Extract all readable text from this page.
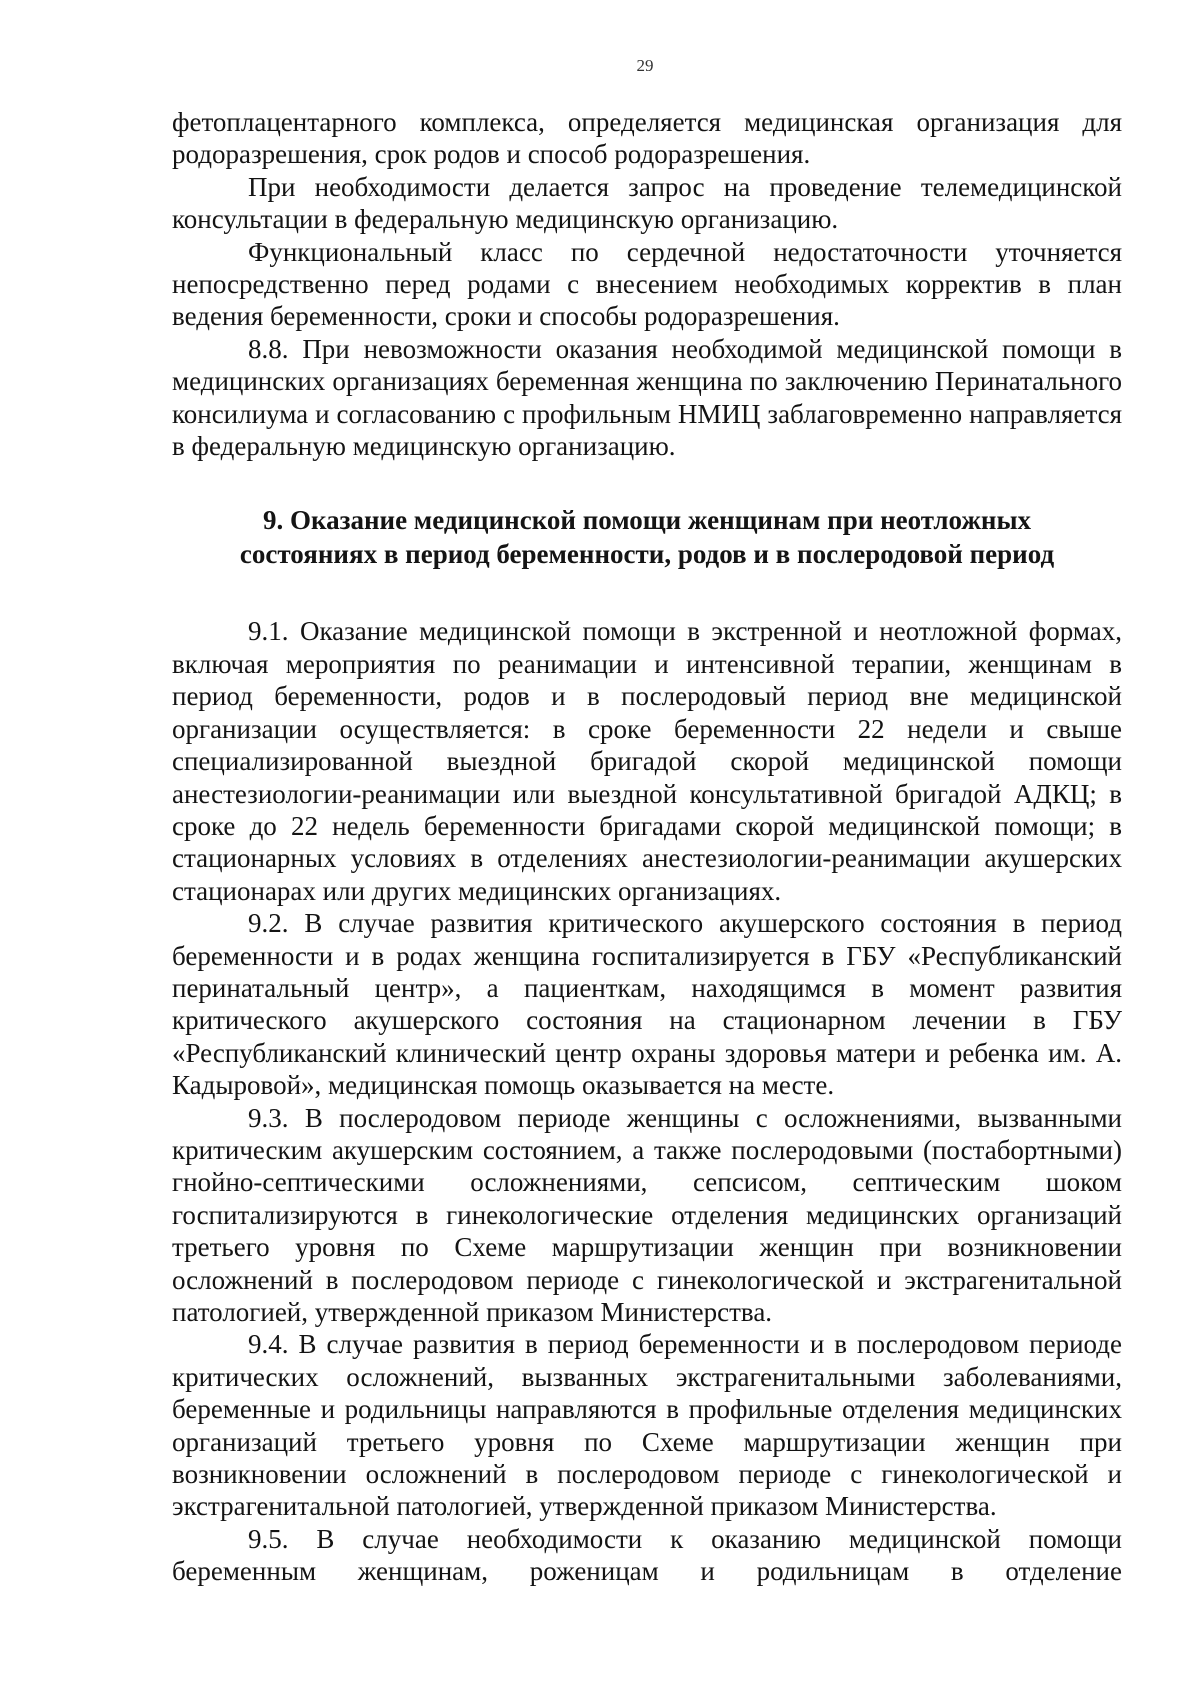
29

фетоплацентарного комплекса, определяется медицинская организация для родоразрешения, срок родов и способ родоразрешения.

При необходимости делается запрос на проведение телемедицинской консультации в федеральную медицинскую организацию.

Функциональный класс по сердечной недостаточности уточняется непосредственно перед родами с внесением необходимых корректив в план ведения беременности, сроки и способы родоразрешения.

8.8. При невозможности оказания необходимой медицинской помощи в медицинских организациях беременная женщина по заключению Перинатального консилиума и согласованию с профильным НМИЦ заблаговременно направляется в федеральную медицинскую организацию.

9. Оказание медицинской помощи женщинам при неотложных
состояниях в период беременности, родов и в послеродовой период

9.1. Оказание медицинской помощи в экстренной и неотложной формах, включая мероприятия по реанимации и интенсивной терапии, женщинам в период беременности, родов и в послеродовый период вне медицинской организации осуществляется: в сроке беременности 22 недели и свыше специализированной выездной бригадой скорой медицинской помощи анестезиологии-реанимации или выездной консультативной бригадой АДКЦ; в сроке до 22 недель беременности бригадами скорой медицинской помощи; в стационарных условиях в отделениях анестезиологии-реанимации акушерских стационарах или других медицинских организациях.

9.2. В случае развития критического акушерского состояния в период беременности и в родах женщина госпитализируется в ГБУ «Республиканский перинатальный центр», а пациенткам, находящимся в момент развития критического акушерского состояния на стационарном лечении в ГБУ «Республиканский клинический центр охраны здоровья матери и ребенка им. А. Кадыровой», медицинская помощь оказывается на месте.

9.3. В послеродовом периоде женщины с осложнениями, вызванными критическим акушерским состоянием, а также послеродовыми (постабортными) гнойно-септическими осложнениями, сепсисом, септическим шоком госпитализируются в гинекологические отделения медицинских организаций третьего уровня по Схеме маршрутизации женщин при возникновении осложнений в послеродовом периоде с гинекологической и экстрагенитальной патологией, утвержденной приказом Министерства.

9.4. В случае развития в период беременности и в послеродовом периоде критических осложнений, вызванных экстрагенитальными заболеваниями, беременные и родильницы направляются в профильные отделения медицинских организаций третьего уровня по Схеме маршрутизации женщин при возникновении осложнений в послеродовом периоде с гинекологической и экстрагенитальной патологией, утвержденной приказом Министерства.

9.5. В случае необходимости к оказанию медицинской помощи беременным женщинам, роженицам и родильницам в отделение
